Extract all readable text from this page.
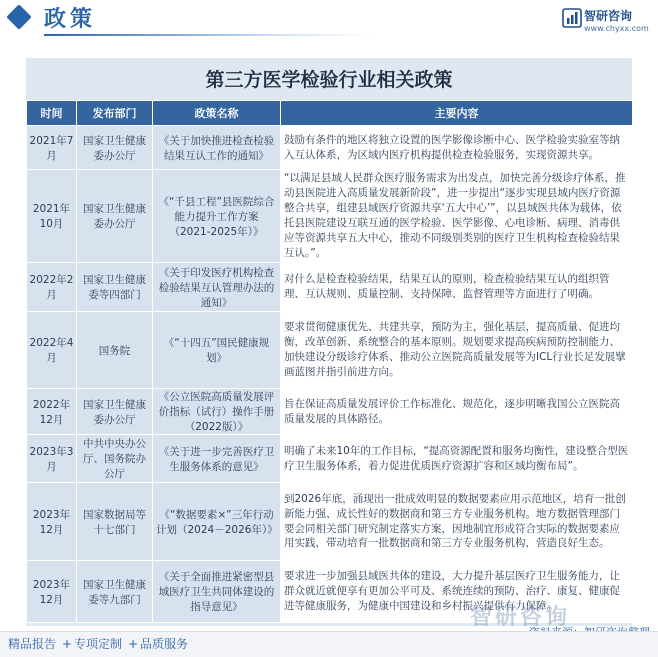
政策	智研咨询
www.chyxx.com
第三方医学检验行业相关政策
时间	发布部门	政策名称	主要内容
2021年7月	国家卫生健康委办公厅	《关于加快推进检查检验结果互认工作的通知》	鼓励有条件的地区将独立设置的医学影像诊断中心、医学检验实验室等纳入互认体系，为区域内医疗机构提供检查检验服务，实现资源共享。
2021年10月	国家卫生健康委办公厅	《“千县工程”县医院综合能力提升工作方案（2021-2025年）》	“以满足县域人民群众医疗服务需求为出发点，加快完善分级诊疗体系，推动县医院进入高质量发展新阶段”，进一步提出“逐步实现县域内医疗资源整合共享，组建县域医疗资源共享‘五大中心’”，以县域医共体为载体，依托县医院建设互联互通的医学检验、医学影像、心电诊断、病理、消毒供应等资源共享五大中心，推动不同级别类别的医疗卫生机构检查检验结果互认。”。
2022年2月	国家卫生健康委等四部门	《关于印发医疗机构检查检验结果互认管理办法的通知》	对什么是检查检验结果，结果互认的原则，检查检验结果互认的组织管理、互认规则、质量控制、支持保障、监督管理等方面进行了明确。
2022年4月	国务院	《“十四五”国民健康规划》	要求贯彻健康优先、共建共享，预防为主，强化基层，提高质量、促进均衡，改革创新、系统整合的基本原则。规划要求提高疾病预防控制能力、加快建设分级诊疗体系、推动公立医院高质量发展等为ICL行业长足发展擘画蓝图并指引前进方向。
2022年12月	国家卫生健康委办公厅	《公立医院高质量发展评价指标（试行）操作手册（2022版）》	旨在保证高质量发展评价工作标准化、规范化，逐步明晰我国公立医院高质量发展的具体路径。
2023年3月	中共中央办公厅、国务院办公厅	《关于进一步完善医疗卫生服务体系的意见》	明确了未来10年的工作目标，“提高资源配置和服务均衡性，建设整合型医疗卫生服务体系，着力促进优质医疗资源扩容和区域均衡布局”。
2023年12月	国家数据局等十七部门	《“数据要素×”三年行动计划（2024－2026年）》	到2026年底，涌现出一批成效明显的数据要素应用示范地区，培育一批创新能力强、成长性好的数据商和第三方专业服务机构。地方数据管理部门要会同相关部门研究制定落实方案，因地制宜形成符合实际的数据要素应用实践，带动培育一批数据商和第三方专业服务机构，营造良好生态。
2023年12月	国家卫生健康委等九部门	《关于全面推进紧密型县域医疗卫生共同体建设的指导意见》	要求进一步加强县域医共体的建设，大力提升基层医疗卫生服务能力，让群众就近就便享有更加公平可及、系统连续的预防、治疗、康复、健康促进等健康服务，为健康中国建设和乡村振兴提供有力保障。
智研咨询
精品报告 + 专项定制 + 品质服务
